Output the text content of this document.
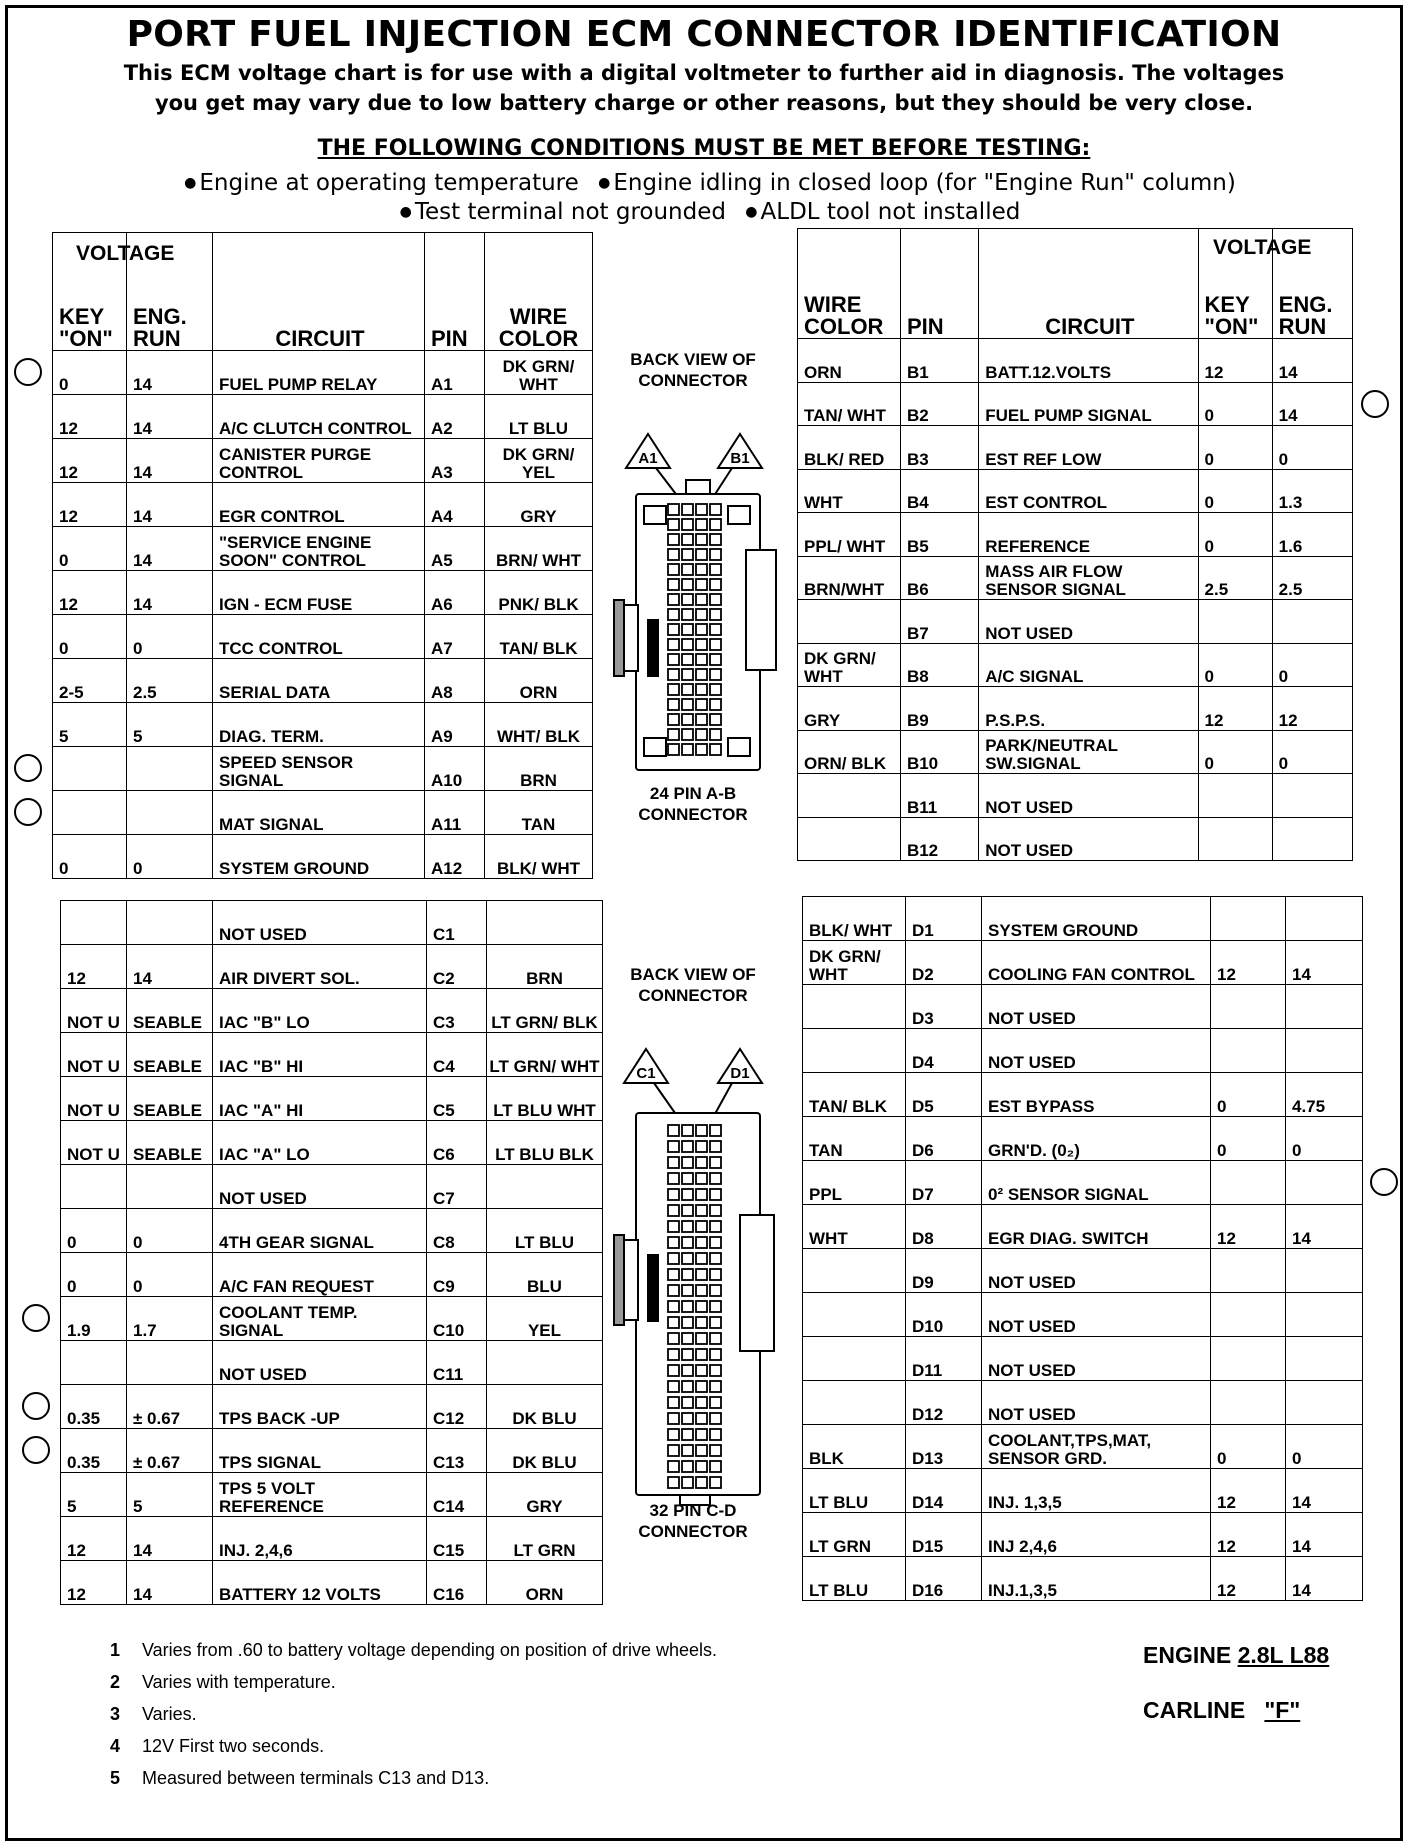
PORT FUEL INJECTION ECM CONNECTOR IDENTIFICATION
This ECM voltage chart is for use with a digital voltmeter to further aid in diagnosis. The voltages
you get may vary due to low battery charge or other reasons, but they should be very close.
THE FOLLOWING CONDITIONS MUST BE MET BEFORE TESTING:
● Engine at operating temperature ● Engine idling in closed loop (for "Engine Run" column)
● Test terminal not grounded ● ALDL tool not installed
VOLTAGE
KEY "ON"	ENG. RUN	CIRCUIT	PIN	WIRE COLOR
0	14	FUEL PUMP RELAY	A1	DK GRN/ WHT
12	14	A/C CLUTCH CONTROL	A2	LT BLU
12	14	CANISTER PURGE CONTROL	A3	DK GRN/ YEL
12	14	EGR CONTROL	A4	GRY
0	14	"SERVICE ENGINE SOON" CONTROL	A5	BRN/ WHT
12	14	IGN - ECM FUSE	A6	PNK/ BLK
0	0	TCC CONTROL	A7	TAN/ BLK
2-5	2.5	SERIAL DATA	A8	ORN
5	5	DIAG. TERM.	A9	WHT/ BLK
		SPEED SENSOR SIGNAL	A10	BRN
		MAT SIGNAL	A11	TAN
0	0	SYSTEM GROUND	A12	BLK/ WHT
VOLTAGE
WIRE COLOR	PIN	CIRCUIT	KEY "ON"	ENG. RUN
ORN	B1	BATT.12.VOLTS	12	14
TAN/ WHT	B2	FUEL PUMP SIGNAL	0	14
BLK/ RED	B3	EST REF LOW	0	0
WHT	B4	EST CONTROL	0	1.3
PPL/ WHT	B5	REFERENCE	0	1.6
BRN/WHT	B6	MASS AIR FLOW SENSOR SIGNAL	2.5	2.5
	B7	NOT USED		
DK GRN/ WHT	B8	A/C SIGNAL	0	0
GRY	B9	P.S.P.S.	12	12
ORN/ BLK	B10	PARK/NEUTRAL SW.SIGNAL	0	0
	B11	NOT USED		
	B12	NOT USED		
		NOT USED	C1	
12	14	AIR DIVERT SOL.	C2	BRN
NOT U	SEABLE	IAC "B" LO	C3	LT GRN/ BLK
NOT U	SEABLE	IAC "B" HI	C4	LT GRN/ WHT
NOT U	SEABLE	IAC "A" HI	C5	LT BLU WHT
NOT U	SEABLE	IAC "A" LO	C6	LT BLU BLK
		NOT USED	C7	
0	0	4TH GEAR SIGNAL	C8	LT BLU
0	0	A/C FAN REQUEST	C9	BLU
1.9	1.7	COOLANT TEMP. SIGNAL	C10	YEL
		NOT USED	C11	
0.35	± 0.67	TPS BACK -UP	C12	DK BLU
0.35	± 0.67	TPS SIGNAL	C13	DK BLU
5	5	TPS 5 VOLT REFERENCE	C14	GRY
12	14	INJ. 2,4,6	C15	LT GRN
12	14	BATTERY 12 VOLTS	C16	ORN
BLK/ WHT	D1	SYSTEM GROUND		
DK GRN/ WHT	D2	COOLING FAN CONTROL	12	14
	D3	NOT USED		
	D4	NOT USED		
TAN/ BLK	D5	EST BYPASS	0	4.75
TAN	D6	GRN'D. (0₂)	0	0
PPL	D7	0² SENSOR SIGNAL		
WHT	D8	EGR DIAG. SWITCH	12	14
	D9	NOT USED		
	D10	NOT USED		
	D11	NOT USED		
	D12	NOT USED		
BLK	D13	COOLANT,TPS,MAT, SENSOR GRD.	0	0
LT BLU	D14	INJ. 1,3,5	12	14
LT GRN	D15	INJ 2,4,6	12	14
LT BLU	D16	INJ.1,3,5	12	14
BACK VIEW OF CONNECTOR
A1	B1
24 PIN A-B CONNECTOR
BACK VIEW OF CONNECTOR
C1	D1
32 PIN C-D CONNECTOR
1 Varies from .60 to battery voltage depending on position of drive wheels.
2 Varies with temperature.
3 Varies.
4 12V First two seconds.
5 Measured between terminals C13 and D13.
ENGINE 2.8L L88
CARLINE "F"
